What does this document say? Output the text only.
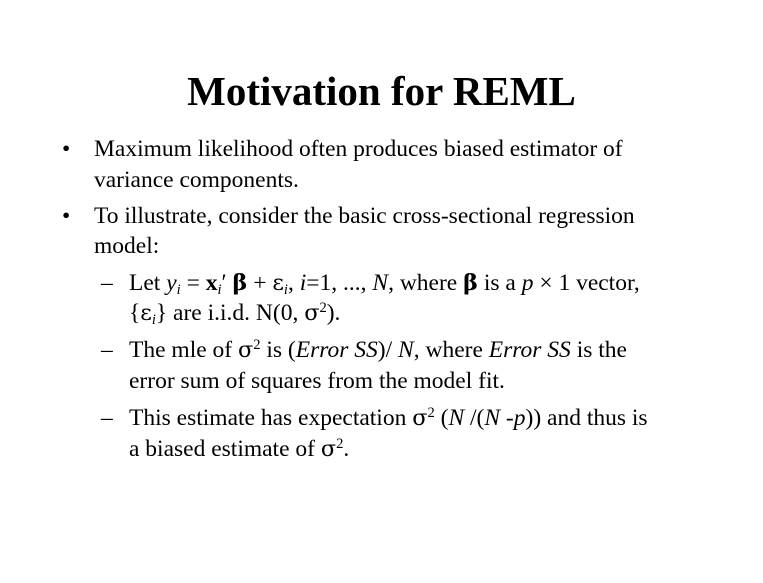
Motivation for REML
• Maximum likelihood often produces biased estimator of
variance components.
• To illustrate, consider the basic cross-sectional regression
model:
– Let $y_i = x_i'$ $\beta + \varepsilon_i$, i=1, ..., N, where β is a p × 1 vector,
$\{\varepsilon_i\}$ are i.i.d. N(0, $\sigma^2$).
– The mle of $\sigma^2$ is (Error SS)/ N, where Error SS is the
error sum of squares from the model fit.
– This estimate has expectation $\sigma^2$ (N /(N -p)) and thus is
a biased estimate of $\sigma^2$.
